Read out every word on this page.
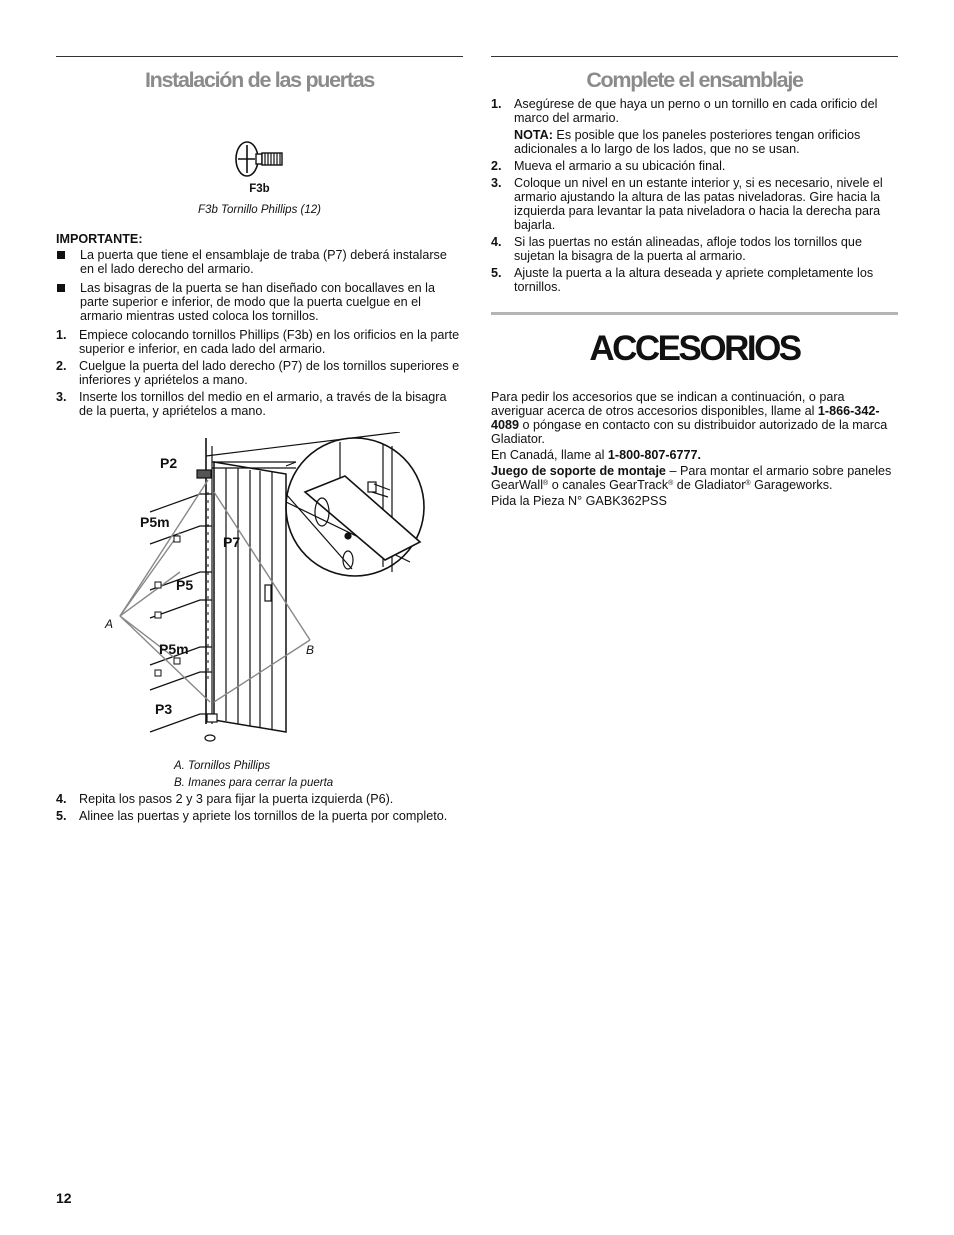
Instalación de las puertas
F3b
F3b Tornillo Phillips (12)
IMPORTANTE:
La puerta que tiene el ensamblaje de traba (P7) deberá instalarse en el lado derecho del armario.
Las bisagras de la puerta se han diseñado con bocallaves en la parte superior e inferior, de modo que la puerta cuelgue en el armario mientras usted coloca los tornillos.
1. Empiece colocando tornillos Phillips (F3b) en los orificios en la parte superior e inferior, en cada lado del armario.
2. Cuelgue la puerta del lado derecho (P7) de los tornillos superiores e inferiores y apriételos a mano.
3. Inserte los tornillos del medio en el armario, a través de la bisagra de la puerta, y apriételos a mano.
P2
P5m
P7
P5
P5m
P3
A
B
A. Tornillos Phillips
B. Imanes para cerrar la puerta
4. Repita los pasos 2 y 3 para fijar la puerta izquierda (P6).
5. Alinee las puertas y apriete los tornillos de la puerta por completo.
Complete el ensamblaje
1. Asegúrese de que haya un perno o un tornillo en cada orificio del marco del armario.
NOTA: Es posible que los paneles posteriores tengan orificios adicionales a lo largo de los lados, que no se usan.
2. Mueva el armario a su ubicación final.
3. Coloque un nivel en un estante interior y, si es necesario, nivele el armario ajustando la altura de las patas niveladoras. Gire hacia la izquierda para levantar la pata niveladora o hacia la derecha para bajarla.
4. Si las puertas no están alineadas, afloje todos los tornillos que sujetan la bisagra de la puerta al armario.
5. Ajuste la puerta a la altura deseada y apriete completamente los tornillos.
ACCESORIOS

Para pedir los accesorios que se indican a continuación, o para averiguar acerca de otros accesorios disponibles, llame al 1-866-342-4089 o póngase en contacto con su distribuidor autorizado de la marca Gladiator.

En Canadá, llame al 1-800-807-6777.

Juego de soporte de montaje – Para montar el armario sobre paneles GearWall® o canales GearTrack® de Gladiator® Garageworks.

Pida la Pieza N° GABK362PSS

12
